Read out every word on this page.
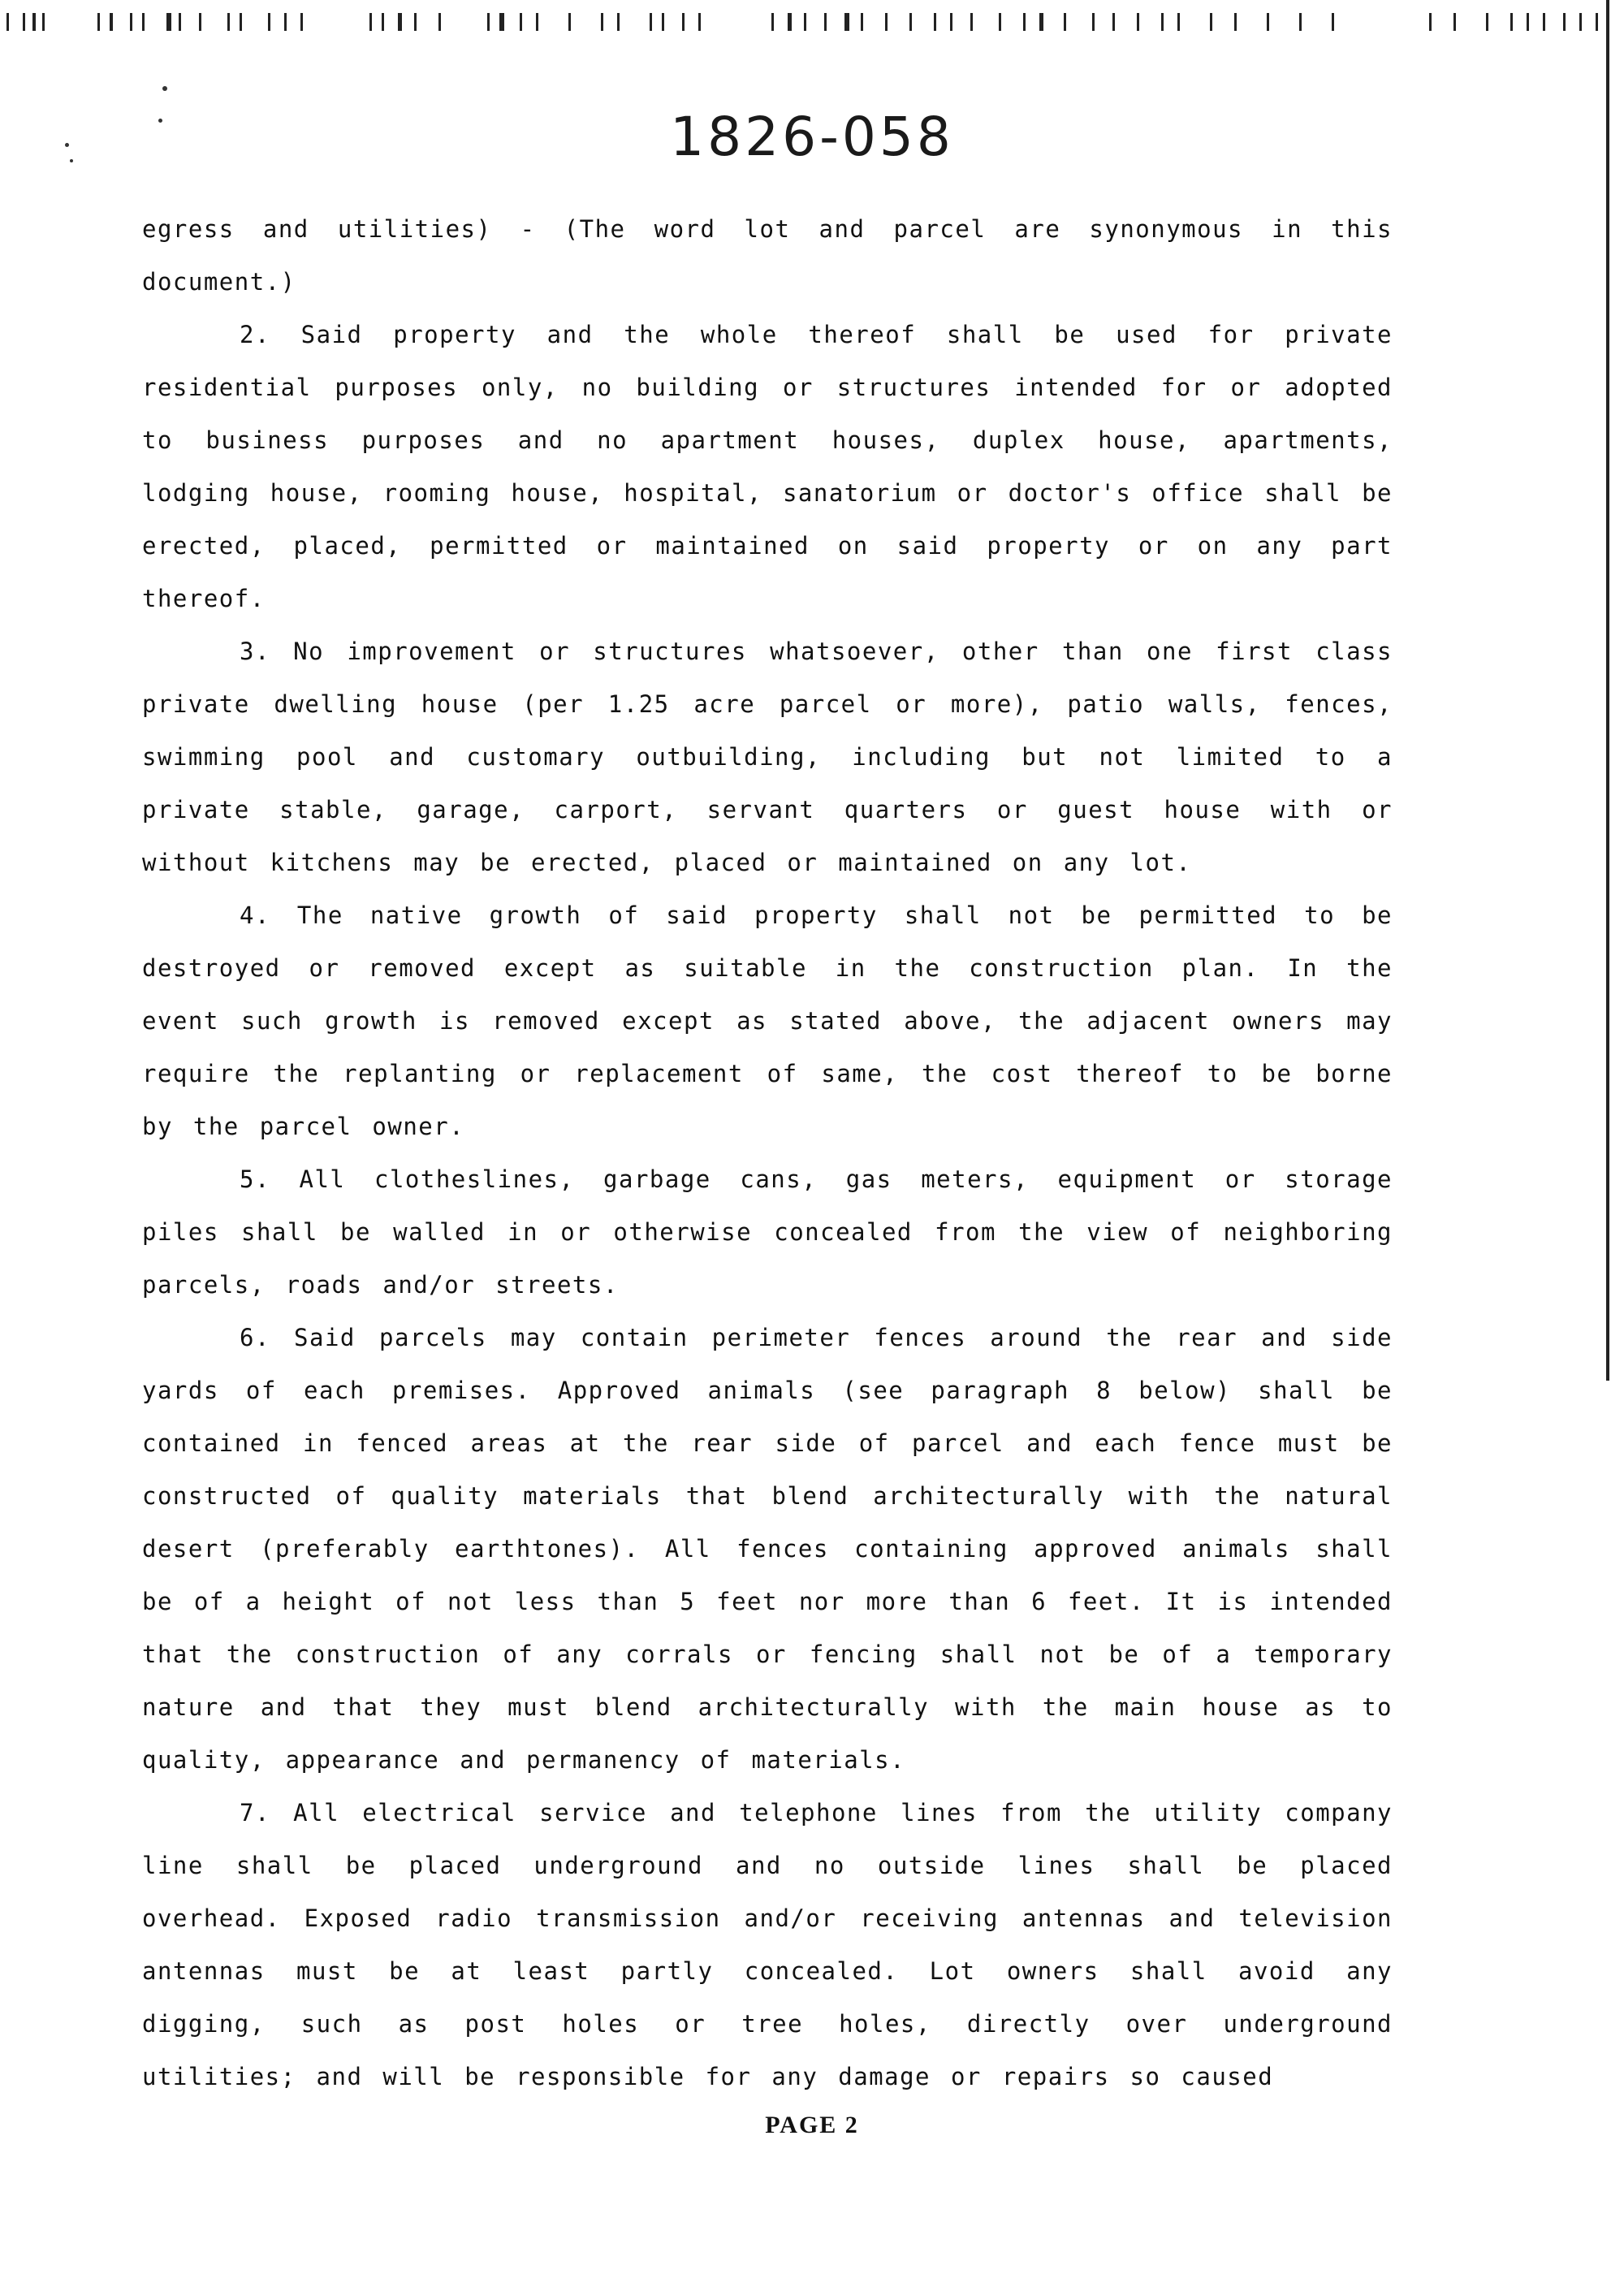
1826-058

egress and utilities) - (The word lot and parcel are synonymous in this document.)

2. Said property and the whole thereof shall be used for private residential purposes only, no building or structures intended for or adopted to business purposes and no apartment houses, duplex house, apartments, lodging house, rooming house, hospital, sanatorium or doctor's office shall be erected, placed, permitted or maintained on said property or on any part thereof.

3. No improvement or structures whatsoever, other than one first class private dwelling house (per 1.25 acre parcel or more), patio walls, fences, swimming pool and customary outbuilding, including but not limited to a private stable, garage, carport, servant quarters or guest house with or without kitchens may be erected, placed or maintained on any lot.

4. The native growth of said property shall not be permitted to be destroyed or removed except as suitable in the construction plan. In the event such growth is removed except as stated above, the adjacent owners may require the replanting or replacement of same, the cost thereof to be borne by the parcel owner.

5. All clotheslines, garbage cans, gas meters, equipment or storage piles shall be walled in or otherwise concealed from the view of neighboring parcels, roads and/or streets.

6. Said parcels may contain perimeter fences around the rear and side yards of each premises. Approved animals (see paragraph 8 below) shall be contained in fenced areas at the rear side of parcel and each fence must be constructed of quality materials that blend architecturally with the natural desert (preferably earthtones). All fences containing approved animals shall be of a height of not less than 5 feet nor more than 6 feet. It is intended that the construction of any corrals or fencing shall not be of a temporary nature and that they must blend architecturally with the main house as to quality, appearance and permanency of materials.

7. All electrical service and telephone lines from the utility company line shall be placed underground and no outside lines shall be placed overhead. Exposed radio transmission and/or receiving antennas and television antennas must be at least partly concealed. Lot owners shall avoid any digging, such as post holes or tree holes, directly over underground utilities; and will be responsible for any damage or repairs so caused

PAGE 2
